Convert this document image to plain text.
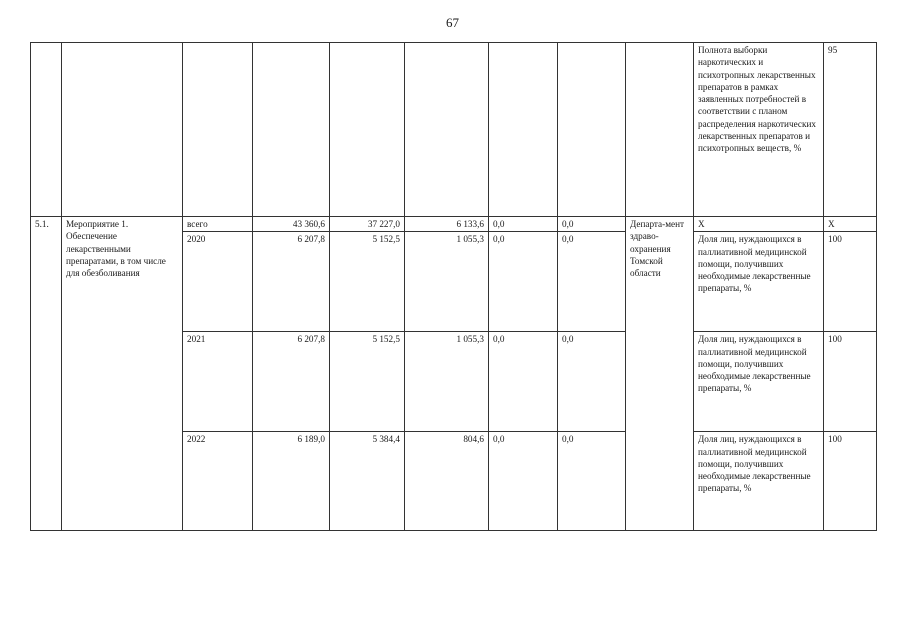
67
									Полнота выборки наркотических и психотропных лекарственных препаратов в рамках заявленных потребностей в соответствии с планом распределения наркотических лекарственных препаратов и психотропных веществ, %	95
5.1.	Мероприятие 1. Обеспечение лекарственными препаратами, в том числе для обезболивания	всего	43 360,6	37 227,0	6 133,6	0,0	0,0	Департа-мент здраво-охранения Томской области	Х	Х
		2020	6 207,8	5 152,5	1 055,3	0,0	0,0		Доля лиц, нуждающихся в паллиативной медицинской помощи, получивших необходимые лекарственные препараты, %	100
		2021	6 207,8	5 152,5	1 055,3	0,0	0,0		Доля лиц, нуждающихся в паллиативной медицинской помощи, получивших необходимые лекарственные препараты, %	100
		2022	6 189,0	5 384,4	804,6	0,0	0,0		Доля лиц, нуждающихся в паллиативной медицинской помощи, получивших необходимые лекарственные препараты, %	100
